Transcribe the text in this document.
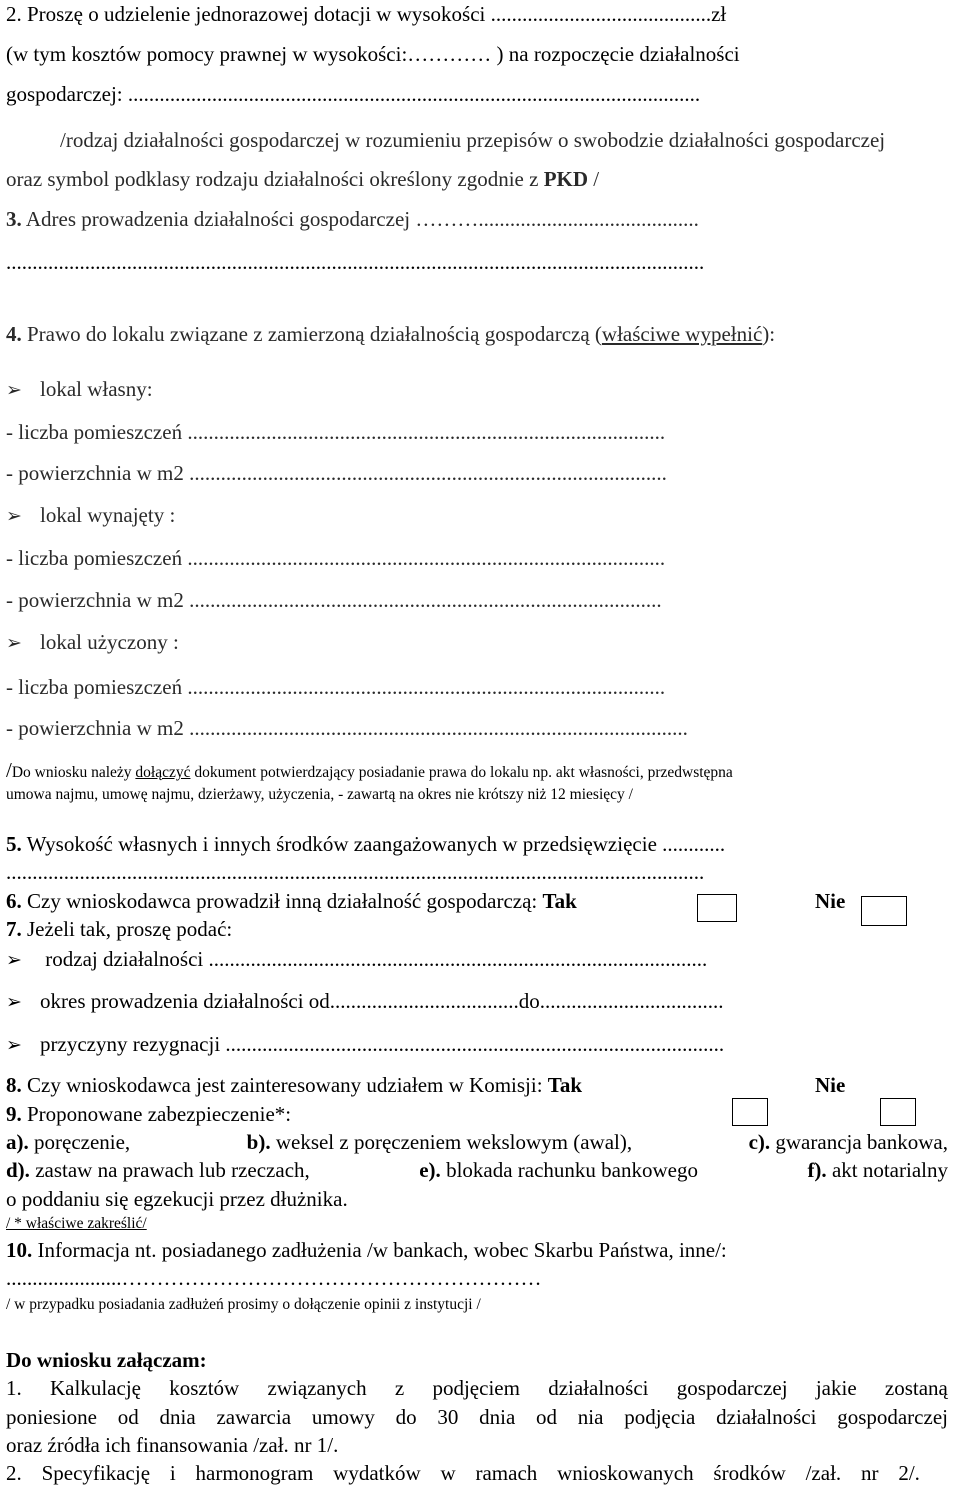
2. Proszę o udzielenie jednorazowej dotacji w wysokości ..........................................zł
(w tym kosztów pomocy prawnej w wysokości:………… ) na rozpoczęcie działalności
gospodarczej: .............................................................................................................
/rodzaj działalności gospodarczej w rozumieniu przepisów o swobodzie działalności gospodarczej
oraz symbol podklasy rodzaju działalności określony zgodnie z PKD /
3. Adres prowadzenia działalności gospodarczej ………..........................................
.....................................................................................................................................
4. Prawo do lokalu związane z zamierzoną działalnością gospodarczą (właściwe wypełnić):
➢ lokal własny:
- liczba pomieszczeń ...........................................................................................
- powierzchnia w m2 ...........................................................................................
➢ lokal wynajęty :
- liczba pomieszczeń ...........................................................................................
- powierzchnia w m2 ..........................................................................................
➢ lokal użyczony :
- liczba pomieszczeń ...........................................................................................
- powierzchnia w m2 ...............................................................................................
/Do wniosku należy dołączyć dokument potwierdzający posiadanie prawa do lokalu np. akt własności, przedwstępna
umowa najmu, umowę najmu, dzierżawy, użyczenia, - zawartą na okres nie krótszy niż 12 miesięcy /
5. Wysokość własnych i innych środków zaangażowanych w przedsięwzięcie ............
.....................................................................................................................................
6. Czy wnioskodawca prowadził inną działalność gospodarczą: Tak	Nie
7. Jeżeli tak, proszę podać:
➢ rodzaj działalności ...............................................................................................
➢ okres prowadzenia działalności od....................................do...................................
➢ przyczyny rezygnacji ...............................................................................................
8. Czy wnioskodawca jest zainteresowany udziałem w Komisji: Tak	Nie
9. Proponowane zabezpieczenie*:
a). poręczenie,	b). weksel z poręczeniem wekslowym (awal),	c). gwarancja bankowa,
d). zastaw na prawach lub rzeczach,	e). blokada rachunku bankowego	f). akt notarialny
o poddaniu się egzekucji przez dłużnika.
/ * właściwe zakreślić/
10. Informacja nt. posiadanego zadłużenia /w bankach, wobec Skarbu Państwa, inne/:
......................……………………………………………………
/ w przypadku posiadania zadłużeń prosimy o dołączenie opinii z instytucji /
Do wniosku załączam:
1. Kalkulację kosztów związanych z podjęciem działalności gospodarczej jakie zostaną
poniesione od dnia zawarcia umowy do 30 dnia od nia podjęcia działalności gospodarczej
oraz źródła ich finansowania /zał. nr 1/.
2. Specyfikację i harmonogram wydatków w ramach wnioskowanych środków /zał. nr 2/.
